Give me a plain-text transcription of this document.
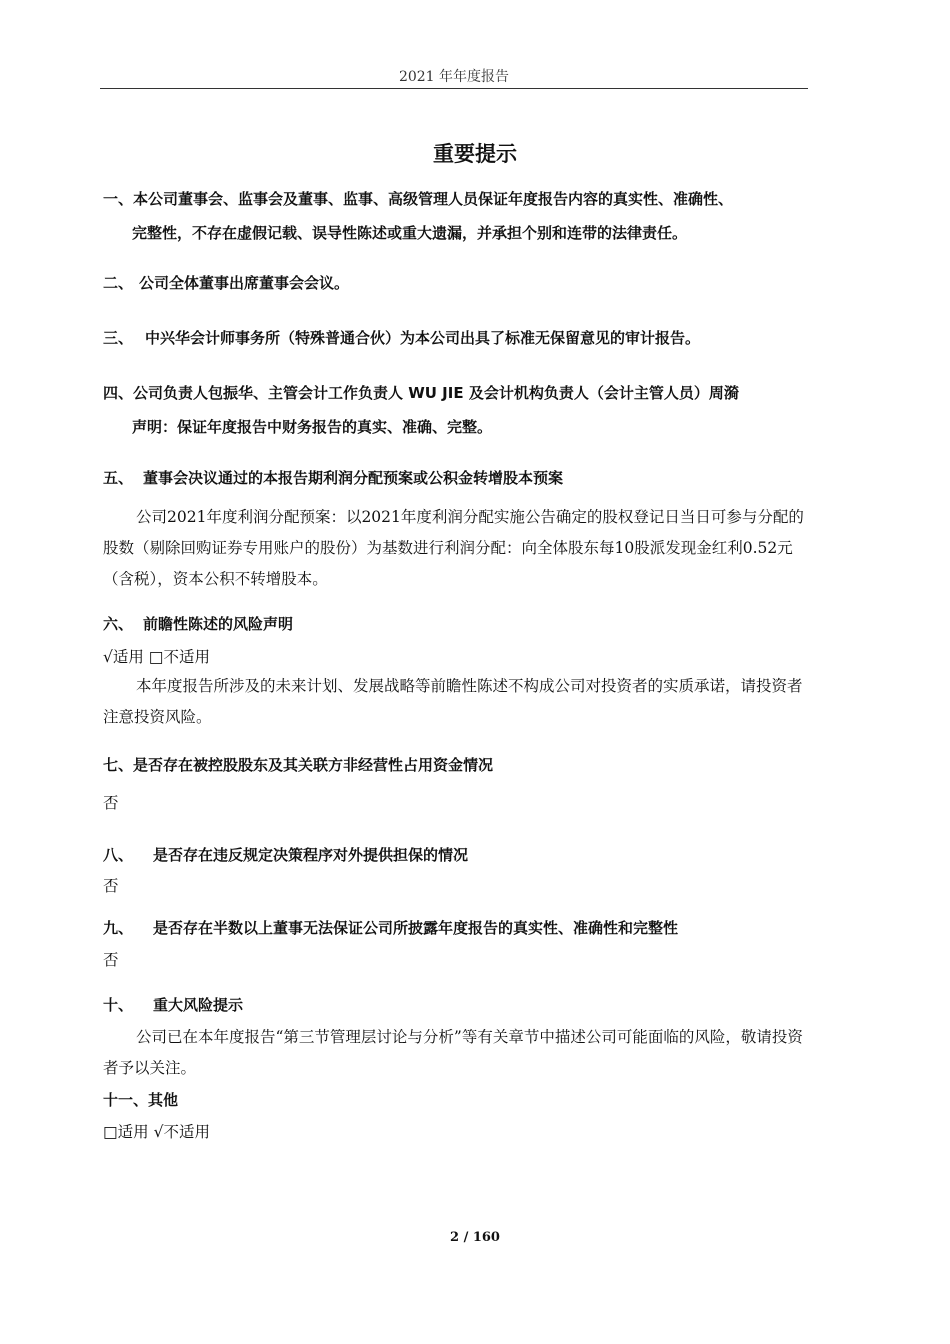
2021 年年度报告
重要提示
一、本公司董事会、监事会及董事、监事、高级管理人员保证年度报告内容的真实性、准确性、
完整性，不存在虚假记载、误导性陈述或重大遗漏，并承担个别和连带的法律责任。
二、 公司全体董事出席董事会会议。
三、 中兴华会计师事务所（特殊普通合伙）为本公司出具了标准无保留意见的审计报告。
四、公司负责人包振华、主管会计工作负责人 WU JIE 及会计机构负责人（会计主管人员）周漪
声明：保证年度报告中财务报告的真实、准确、完整。
五、 董事会决议通过的本报告期利润分配预案或公积金转增股本预案
公司2021年度利润分配预案：以2021年度利润分配实施公告确定的股权登记日当日可参与分配的股数（剔除回购证券专用账户的股份）为基数进行利润分配：向全体股东每10股派发现金红利0.52元（含税），资本公积不转增股本。
六、 前瞻性陈述的风险声明
√适用 □不适用
本年度报告所涉及的未来计划、发展战略等前瞻性陈述不构成公司对投资者的实质承诺，请投资者注意投资风险。
七、是否存在被控股股东及其关联方非经营性占用资金情况
否
八、 是否存在违反规定决策程序对外提供担保的情况
否
九、 是否存在半数以上董事无法保证公司所披露年度报告的真实性、准确性和完整性
否
十、 重大风险提示
公司已在本年度报告“第三节管理层讨论与分析”等有关章节中描述公司可能面临的风险，敬请投资者予以关注。
十一、其他
□适用 √不适用
2 / 160
